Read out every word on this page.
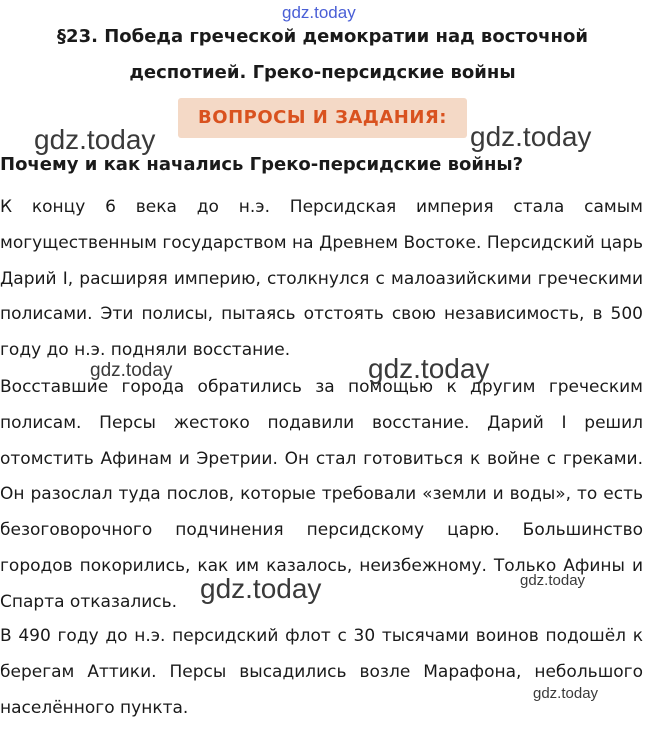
gdz.today
§23. Победа греческой демократии над восточной
деспотией. Греко-персидские войны
ВОПРОСЫ И ЗАДАНИЯ:
gdz.today	gdz.today
Почему и как начались Греко-персидские войны?

К концу 6 века до н.э. Персидская империя стала самым могущественным государством на Древнем Востоке. Персидский царь Дарий I, расширяя империю, столкнулся с малоазийскими греческими полисами. Эти полисы, пытаясь отстоять свою независимость, в 500 году до н.э. подняли восстание.

Восставшие города обратились за помощью к другим греческим полисам. Персы жестоко подавили восстание. Дарий I решил отомстить Афинам и Эретрии. Он стал готовиться к войне с греками. Он разослал туда послов, которые требовали «земли и воды», то есть безоговорочного подчинения персидскому царю. Большинство городов покорились, как им казалось, неизбежному. Только Афины и Спарта отказались.

В 490 году до н.э. персидский флот с 30 тысячами воинов подошёл к берегам Аттики. Персы высадились возле Марафона, небольшого населённого пункта.

gdz.today	gdz.today
gdz.today	gdz.today
gdz.today
